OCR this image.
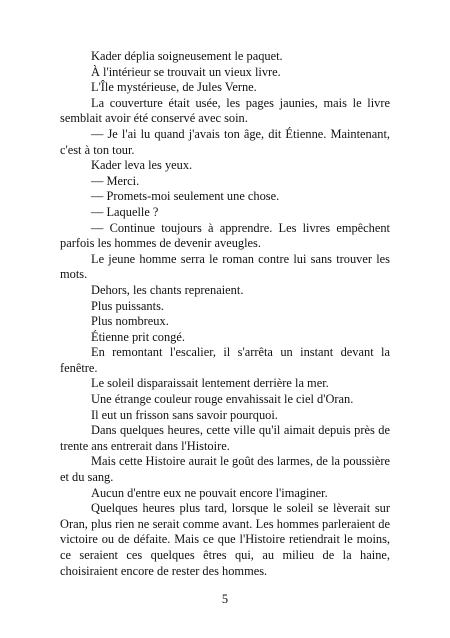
Kader déplia soigneusement le paquet.

À l'intérieur se trouvait un vieux livre.

L'Île mystérieuse, de Jules Verne.

La couverture était usée, les pages jaunies, mais le livre semblait avoir été conservé avec soin.

— Je l'ai lu quand j'avais ton âge, dit Étienne. Maintenant, c'est à ton tour.

Kader leva les yeux.

— Merci.

— Promets-moi seulement une chose.

— Laquelle ?

— Continue toujours à apprendre. Les livres empêchent parfois les hommes de devenir aveugles.

Le jeune homme serra le roman contre lui sans trouver les mots.

Dehors, les chants reprenaient.

Plus puissants.

Plus nombreux.

Étienne prit congé.

En remontant l'escalier, il s'arrêta un instant devant la fenêtre.

Le soleil disparaissait lentement derrière la mer.

Une étrange couleur rouge envahissait le ciel d'Oran.

Il eut un frisson sans savoir pourquoi.

Dans quelques heures, cette ville qu'il aimait depuis près de trente ans entrerait dans l'Histoire.

Mais cette Histoire aurait le goût des larmes, de la poussière et du sang.

Aucun d'entre eux ne pouvait encore l'imaginer.

Quelques heures plus tard, lorsque le soleil se lèverait sur Oran, plus rien ne serait comme avant. Les hommes parleraient de victoire ou de défaite. Mais ce que l'Histoire retiendrait le moins, ce seraient ces quelques êtres qui, au milieu de la haine, choisiraient encore de rester des hommes.

5
